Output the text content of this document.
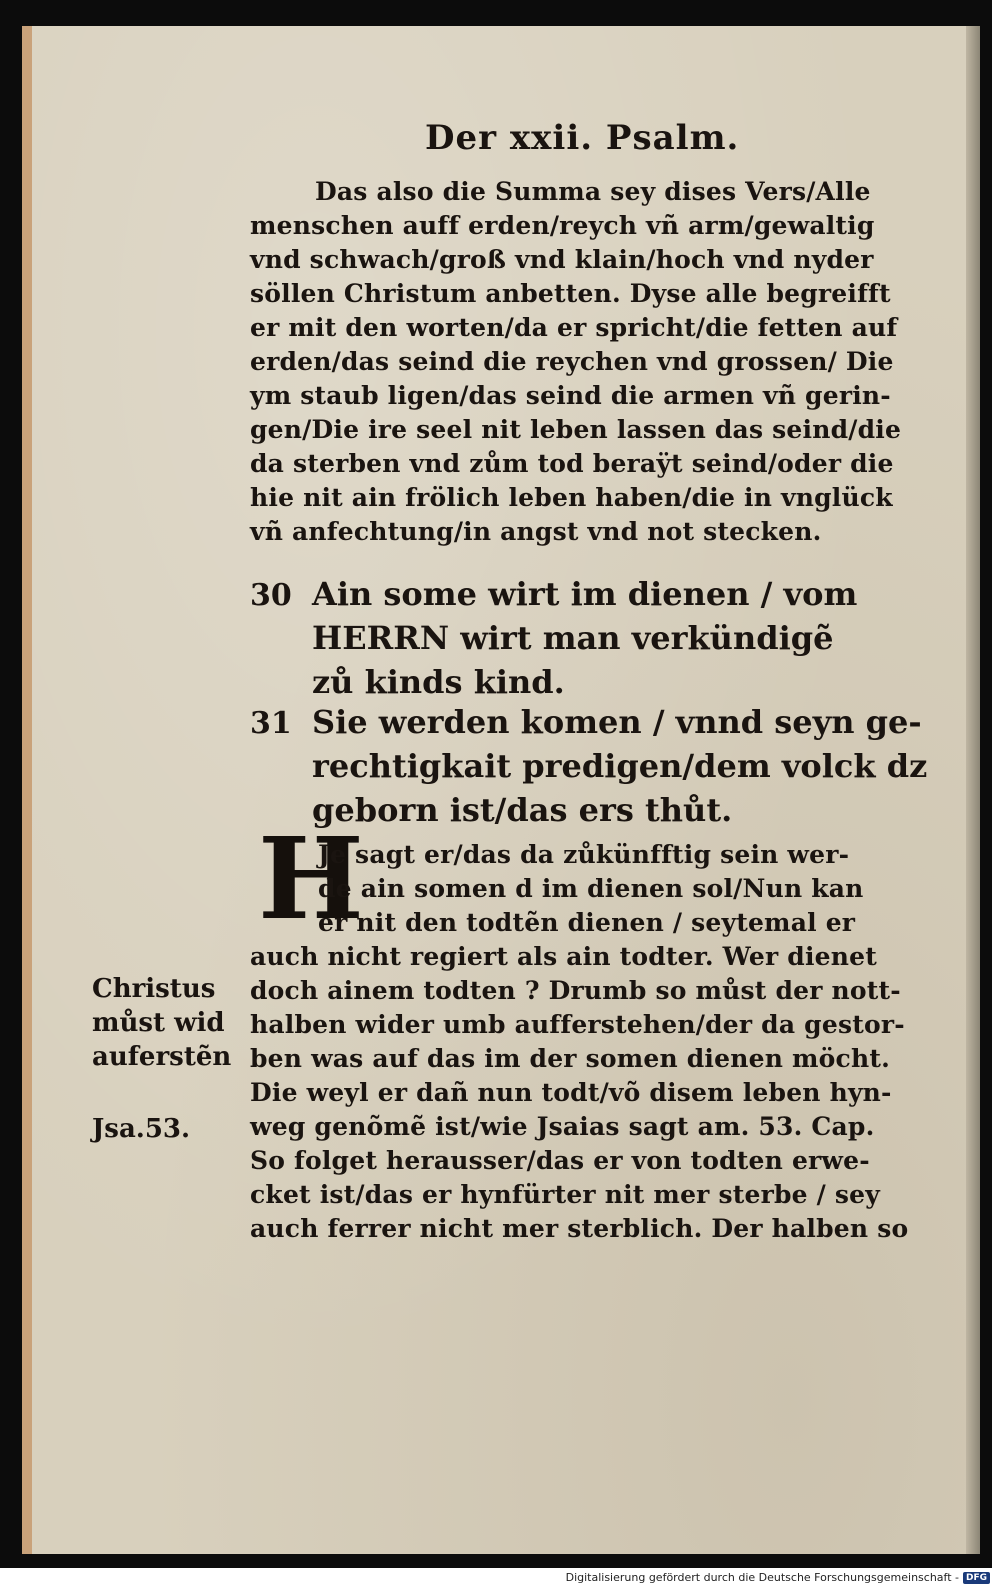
Der xxii. Psalm.
Das also die Summa sey dises Vers/Alle
menschen auff erden/reych vñ arm/gewaltig
vnd schwach/groß vnd klain/hoch vnd nyder
söllen Christum anbetten. Dyse alle begreifft
er mit den worten/da er spricht/die fetten auf
erden/das seind die reychen vnd grossen/ Die
ym staub ligen/das seind die armen vñ gerin-
gen/Die ire seel nit leben lassen das seind/die
da sterben vnd zům tod beraÿt seind/oder die
hie nit ain frölich leben haben/die in vnglück
vñ anfechtung/in angst vnd not stecken.
30 Ain some wirt im dienen / vom
HERRN wirt man verkündigẽ
zů kinds kind.
31 Sie werden komen / vnnd seyn ge-
rechtigkait predigen/dem volck dz
geborn ist/das ers thůt.
H
Je sagt er/das da zůkünfftig sein wer-
de ain somen d im dienen sol/Nun kan
er nit den todtẽn dienen / seytemal er
auch nicht regiert als ain todter. Wer dienet
doch ainem todten ? Drumb so můst der nott-
halben wider umb aufferstehen/der da gestor-
ben was auf das im der somen dienen möcht.
Die weyl er dañ nun todt/võ disem leben hyn-
weg genõmẽ ist/wie Jsaias sagt am. 53. Cap.
So folget herausser/das er von todten erwe-
cket ist/das er hynfürter nit mer sterbe / sey
auch ferrer nicht mer sterblich. Der halben so
Christus
můst wid
auferstẽn
Jsa.53.
Digitalisierung gefördert durch die Deutsche Forschungsgemeinschaft - DFG
